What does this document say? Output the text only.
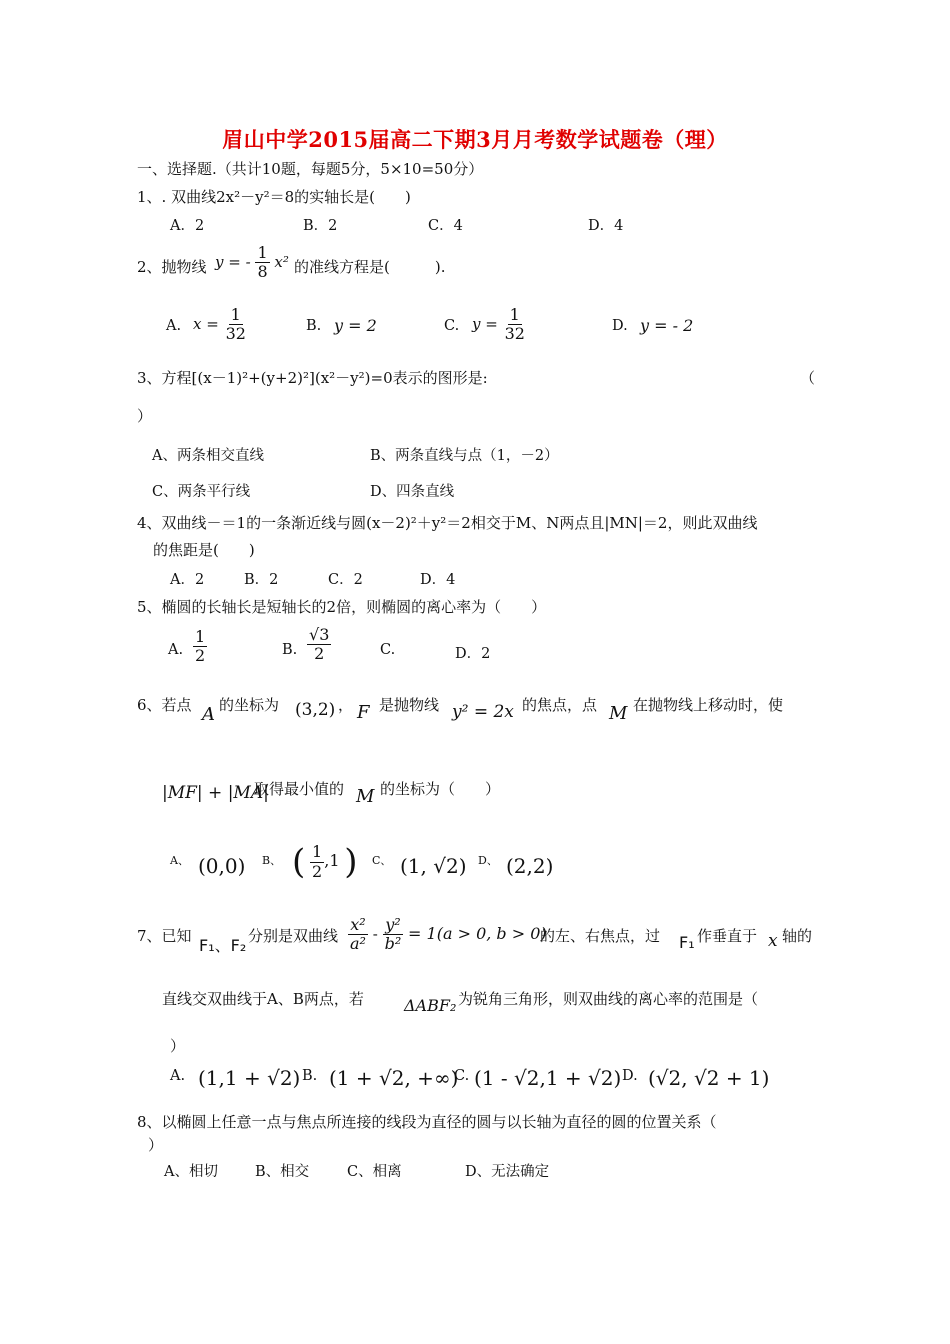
眉山中学2015届高二下期3月月考数学试题卷（理）
一、选择题.（共计10题，每题5分，5×10=50分）
1、. 双曲线2x²－y²＝8的实轴长是(　　)
A．2	B．2	C．4	D．4
2、抛物线 y = - $\frac{1}{8} x^2$ 的准线方程是(　　　).
A. $x = \frac{1}{32}$	B. y = 2	C. $y = \frac{1}{32}$	D. y = - 2
3、方程[(x－1)²+(y+2)²](x²－y²)=0表示的图形是:	（
）
A、两条相交直线	B、两条直线与点（1，－2）
C、两条平行线	D、四条直线
4、双曲线－＝1的一条渐近线与圆(x－2)²＋y²＝2相交于M、N两点且|MN|＝2，则此双曲线
的焦距是(　　)
A．2	B．2	C．2	D．4
5、椭圆的长轴长是短轴长的2倍，则椭圆的离心率为（　　）
A. $\frac{1}{2}$	B. $\frac{√3}{2}$	C.	D．2
6、若点 A 的坐标为 (3,2) ， F 是抛物线 y² = 2x 的焦点，点 M 在抛物线上移动时，使
|MF| + |MA|
取得最小值的 M 的坐标为（　　）
A、 (0,0) B、 ( $\frac{1}{2} ,1$ ) C、 (1, √2) D、 (2,2)
7、已知 F₁、F₂ 分别是双曲线 $\frac{\text{x²}}{\text{a²}} - \frac{\text{y²}}{\text{b²}} = 1(a > 0$, b > 0)
的左、右焦点，过 F₁ 作垂直于 x 轴的
直线交双曲线于A、B两点，若	ΔABF₂ 为锐角三角形，则双曲线的离心率的范围是（
）
A. (1,1 + √2) B. (1 + √2, +∞)
C. (1 - √2,1 + √2) D. (√2, √2 + 1)
8、以椭圆上任意一点与焦点所连接的线段为直径的圆与以长轴为直径的圆的位置关系（
）
A、相切	B、相交	C、相离	D、无法确定
